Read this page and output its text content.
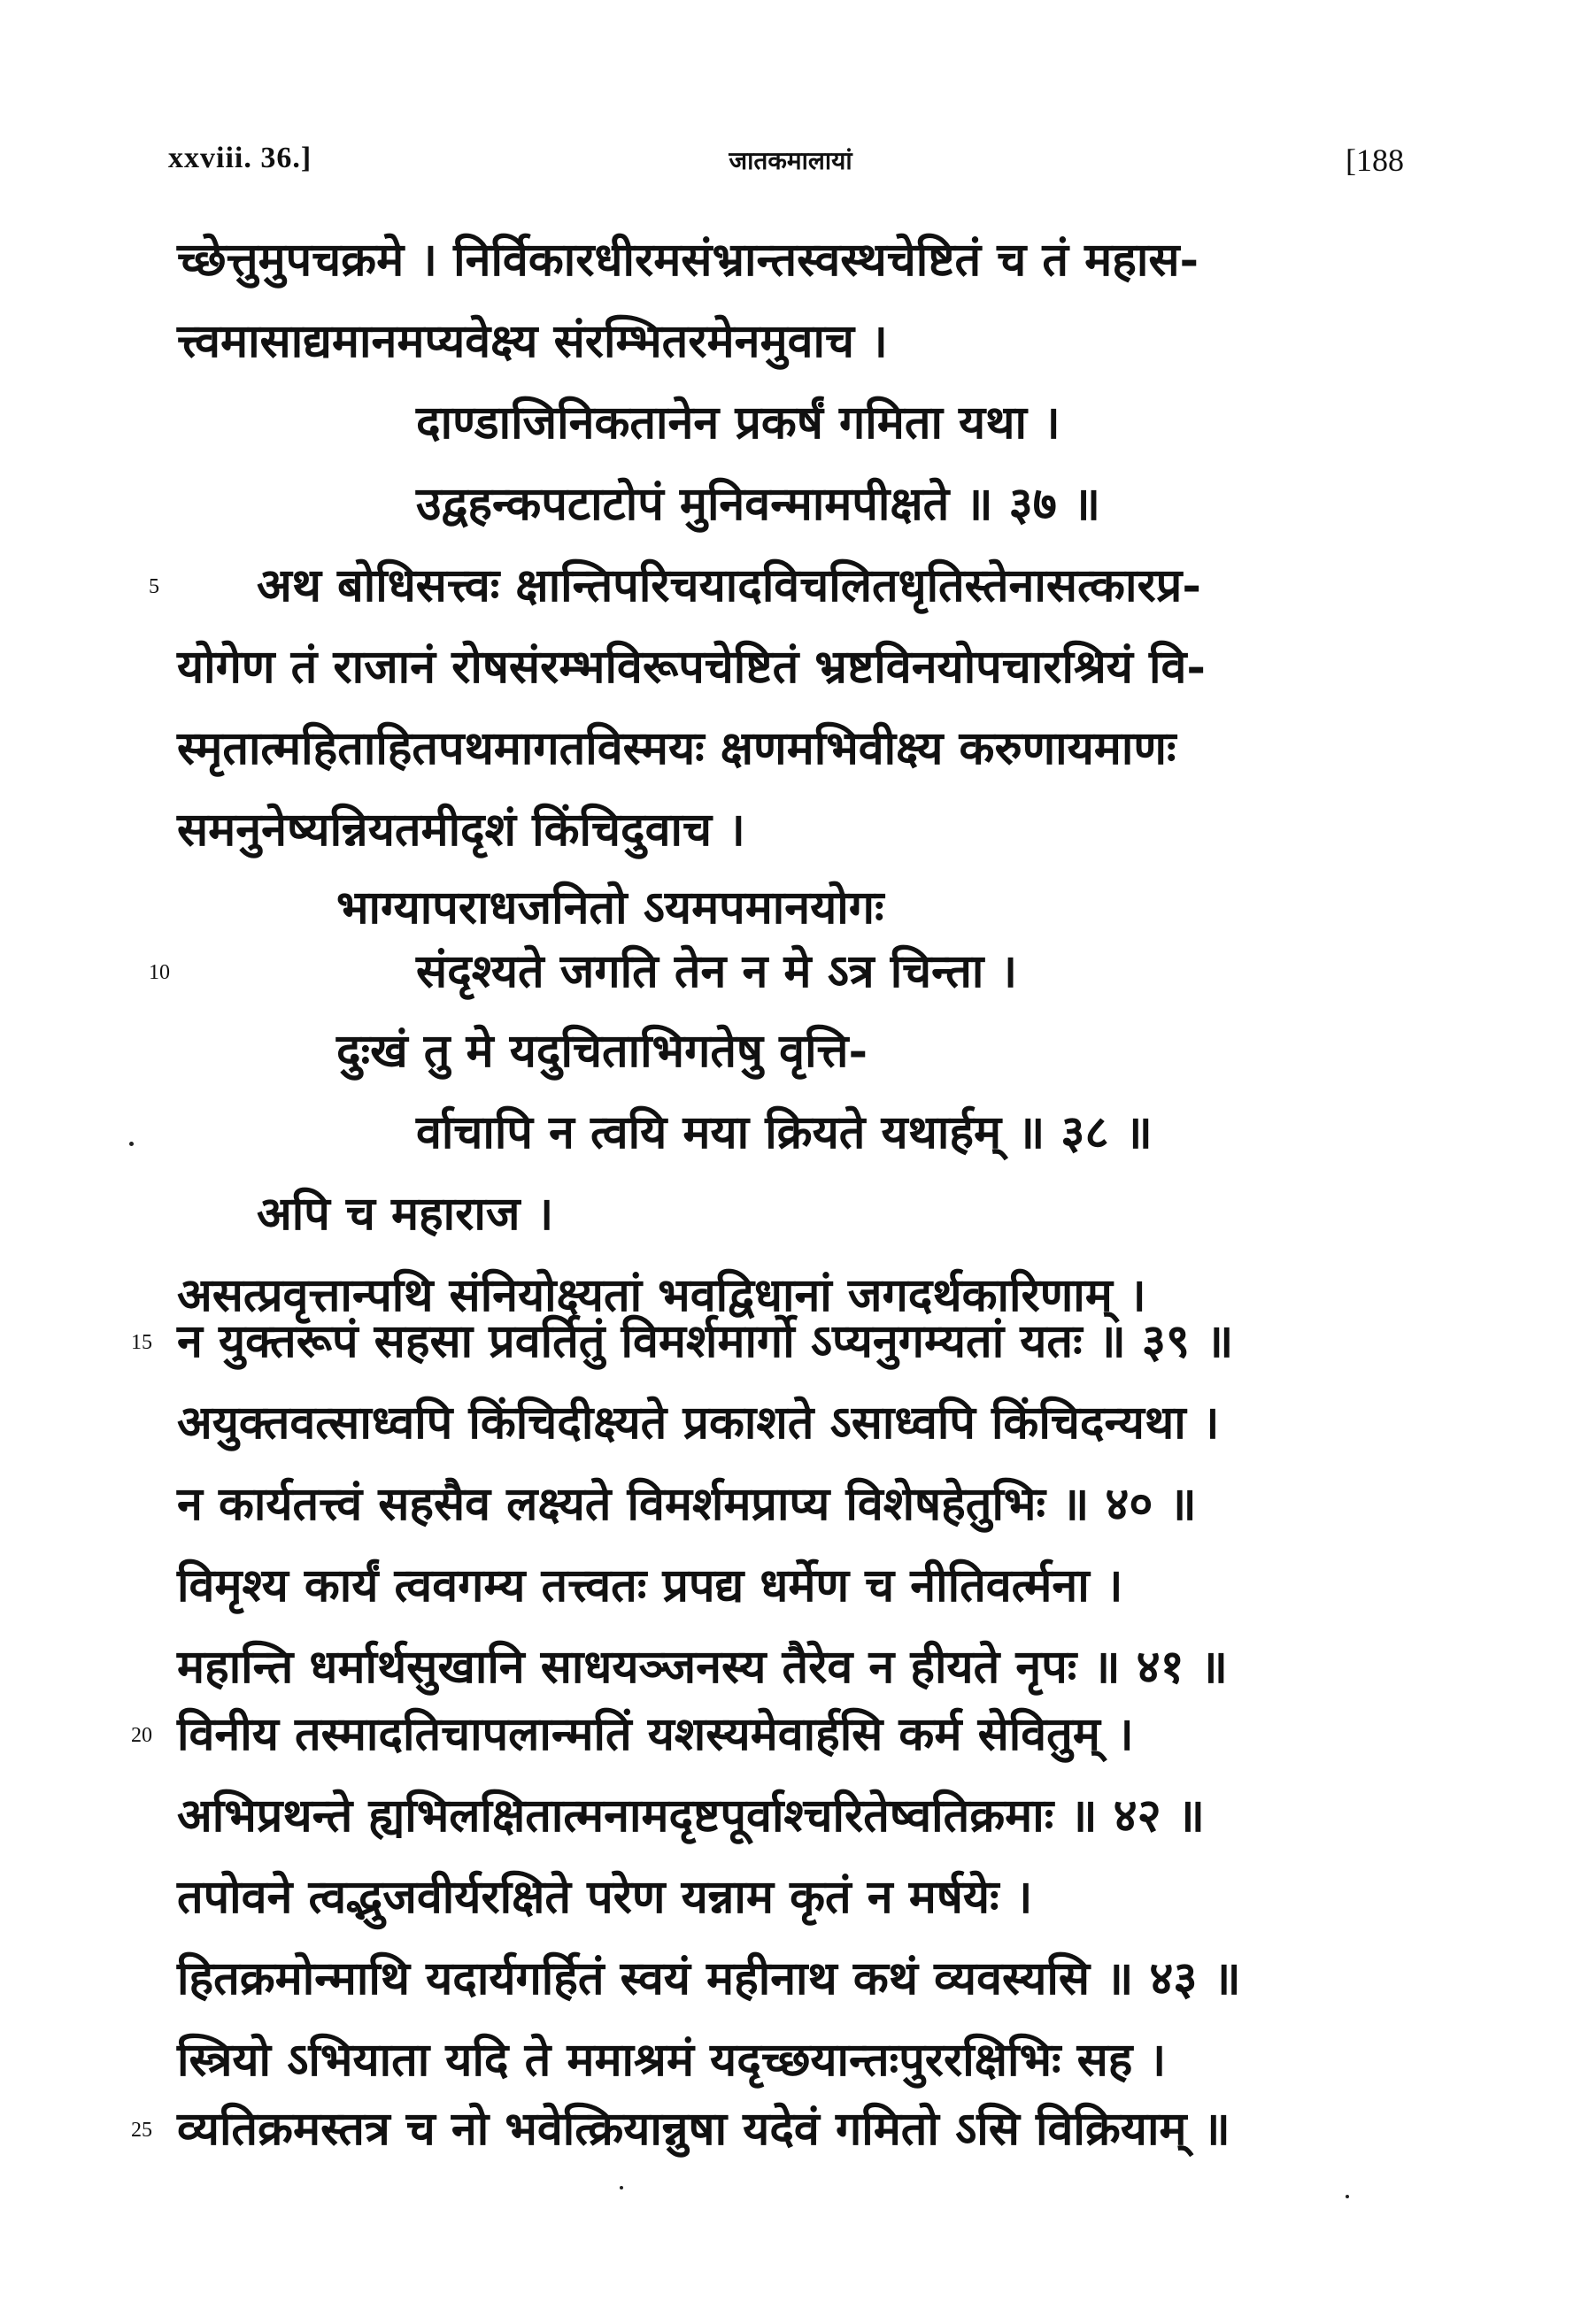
xxviii. 36.]	जातकमालायां	[188
च्छेत्तुमुपचक्रमे । निर्विकारधीरमसंभ्रान्तस्वस्थचेष्टितं च तं महास-
त्त्वमासाद्यमानमप्यवेक्ष्य संरम्भितरमेनमुवाच ।
दाण्डाजिनिकतानेन प्रकर्षं गमिता यथा ।
उद्वहन्कपटाटोपं मुनिवन्मामपीक्षते ॥ ३७ ॥
5 अथ बोधिसत्त्वः क्षान्तिपरिचयादविचलितधृतिस्तेनासत्कारप्र-
योगेण तं राजानं रोषसंरम्भविरूपचेष्टितं भ्रष्टविनयोपचारश्रियं वि-
स्मृतात्महिताहितपथमागतविस्मयः क्षणमभिवीक्ष्य करुणायमाणः
समनुनेष्यन्नियतमीदृशं किंचिदुवाच ।
भाग्यापराधजनितो ऽयमपमानयोगः
10	संदृश्यते जगति तेन न मे ऽत्र चिन्ता ।
दुःखं तु मे यदुचिताभिगतेषु वृत्ति-
र्वाचापि न त्वयि मया क्रियते यथार्हम् ॥ ३८ ॥
अपि च महाराज ।
असत्प्रवृत्तान्पथि संनियोक्ष्यतां भवद्विधानां जगदर्थकारिणाम् ।
15 न युक्तरूपं सहसा प्रवर्तितुं विमर्शमार्गो ऽप्यनुगम्यतां यतः ॥ ३९ ॥
अयुक्तवत्साध्वपि किंचिदीक्ष्यते प्रकाशते ऽसाध्वपि किंचिदन्यथा ।
न कार्यतत्त्वं सहसैव लक्ष्यते विमर्शमप्राप्य विशेषहेतुभिः ॥ ४० ॥
विमृश्य कार्यं त्ववगम्य तत्त्वतः प्रपद्य धर्मेण च नीतिवर्त्मना ।
महान्ति धर्मार्थसुखानि साधयञ्जनस्य तैरेव न हीयते नृपः ॥ ४१ ॥
20 विनीय तस्मादतिचापलान्मतिं यशस्यमेवार्हसि कर्म सेवितुम् ।
अभिप्रथन्ते ह्यभिलक्षितात्मनामदृष्टपूर्वाश्चरितेष्वतिक्रमाः ॥ ४२ ॥
तपोवने त्वद्भुजवीर्यरक्षिते परेण यन्नाम कृतं न मर्षयेः ।
हितक्रमोन्माथि यदार्यगर्हितं स्वयं महीनाथ कथं व्यवस्यसि ॥ ४३ ॥
स्त्रियो ऽभियाता यदि ते ममाश्रमं यदृच्छयान्तःपुररक्षिभिः सह ।
25 व्यतिक्रमस्तत्र च नो भवेत्क्रियान्नुषा यदेवं गमितो ऽसि विक्रियाम् ॥
